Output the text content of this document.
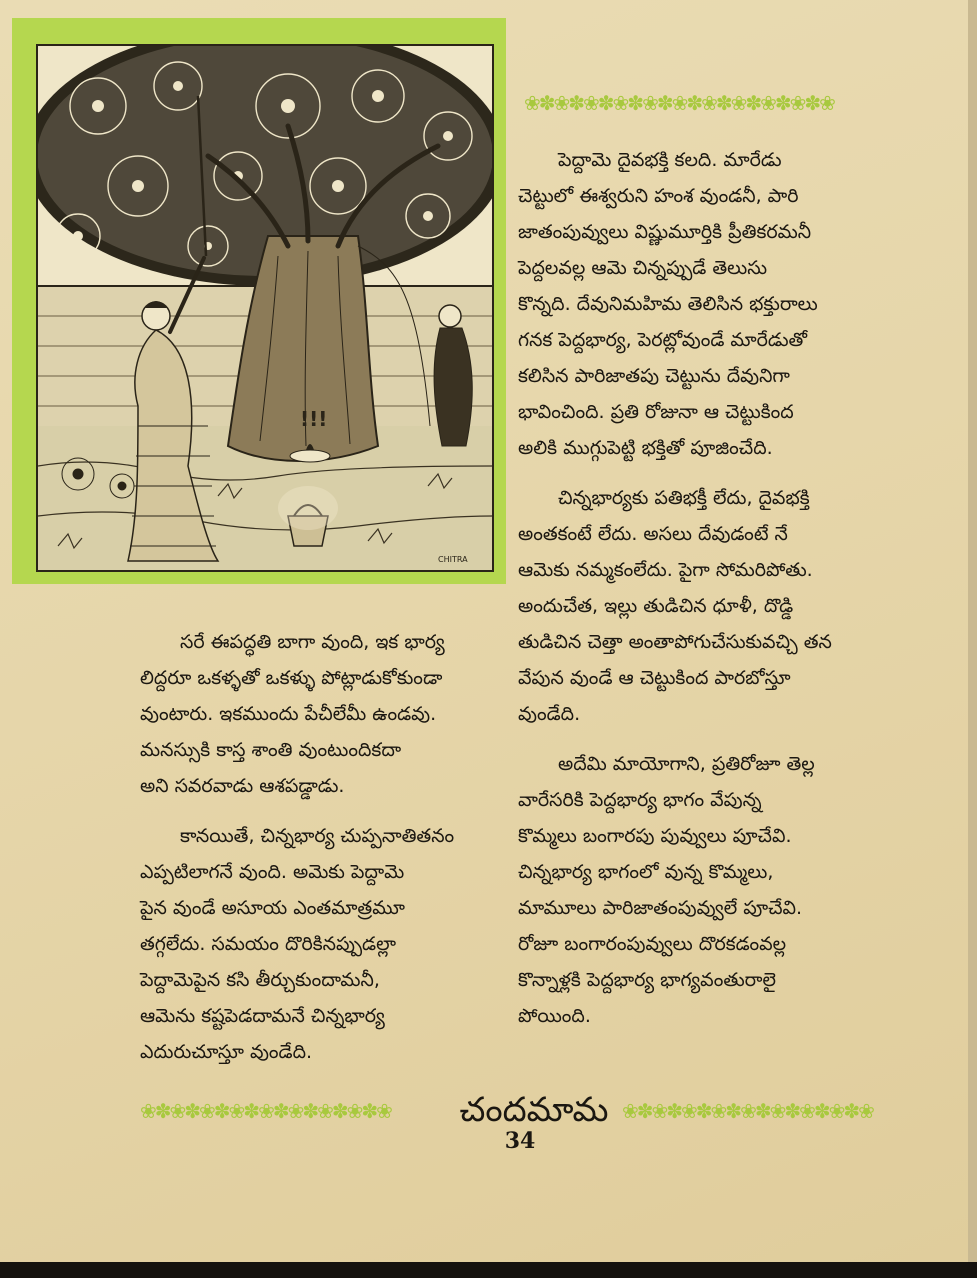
!!!
CHITRA
❀✽❀✽❀✽❀✽❀✽❀✽❀✽❀✽❀✽❀✽❀

పెద్దామె దైవభక్తి కలది. మారేడు

చెట్టులో ఈశ్వరుని హంశ వుండనీ, పారి

జాతంపువ్వులు విష్ణుమూర్తికి ప్రీతికరమనీ

పెద్దలవల్ల ఆమె చిన్నప్పుడే తెలుసు

కొన్నది. దేవునిమహిమ తెలిసిన భక్తురాలు

గనక పెద్దభార్య, పెరట్లోవుండే మారేడుతో

కలిసిన పారిజాతపు చెట్టును దేవునిగా

భావించింది. ప్రతి రోజునా ఆ చెట్టుకింద

అలికి ముగ్గుపెట్టి భక్తితో పూజించేది.

చిన్నభార్యకు పతిభక్తీ లేదు, దైవభక్తి

అంతకంటే లేదు. అసలు దేవుడంటే నే

ఆమెకు నమ్మకంలేదు. పైగా సోమరిపోతు.

అందుచేత, ఇల్లు తుడిచిన ధూళీ, దొడ్డి

తుడిచిన చెత్తా అంతాపోగుచేసుకువచ్చి తన

వేపున వుండే ఆ చెట్టుకింద పారబోస్తూ

వుండేది.

అదేమి మాయోగాని, ప్రతిరోజూ తెల్ల

వారేసరికి పెద్దభార్య భాగం వేపున్న

కొమ్మలు బంగారపు పువ్వులు పూచేవి.

చిన్నభార్య భాగంలో వున్న కొమ్మలు,

మామూలు పారిజాతంపువ్వులే పూచేవి.

రోజూ బంగారంపువ్వులు దొరకడంవల్ల

కొన్నాళ్లకి పెద్దభార్య భాగ్యవంతురాలై

పోయింది.

సరే ఈపద్ధతి బాగా వుంది, ఇక భార్య

లిద్దరూ ఒకళ్ళతో ఒకళ్ళు పోట్లాడుకోకుండా

వుంటారు. ఇకముందు పేచీలేమీ ఉండవు.

మనస్సుకి కాస్త శాంతి వుంటుందికదా

అని సవరవాడు ఆశపడ్డాడు.

కానయితే, చిన్నభార్య చుప్పనాతితనం

ఎప్పటిలాగనే వుంది. అమెకు పెద్దామె

పైన వుండే అసూయ ఎంతమాత్రమూ

తగ్గలేదు. సమయం దొరికినప్పుడల్లా

పెద్దామెపైన కసి తీర్చుకుందామనీ,

ఆమెను కష్టపెడదామనే చిన్నభార్య

ఎదురుచూస్తూ వుండేది.

❀✽❀✽❀✽❀✽❀✽❀✽❀✽❀✽❀	చందమామ ❀✽❀✽❀✽❀✽❀✽❀✽❀✽❀✽❀
34
